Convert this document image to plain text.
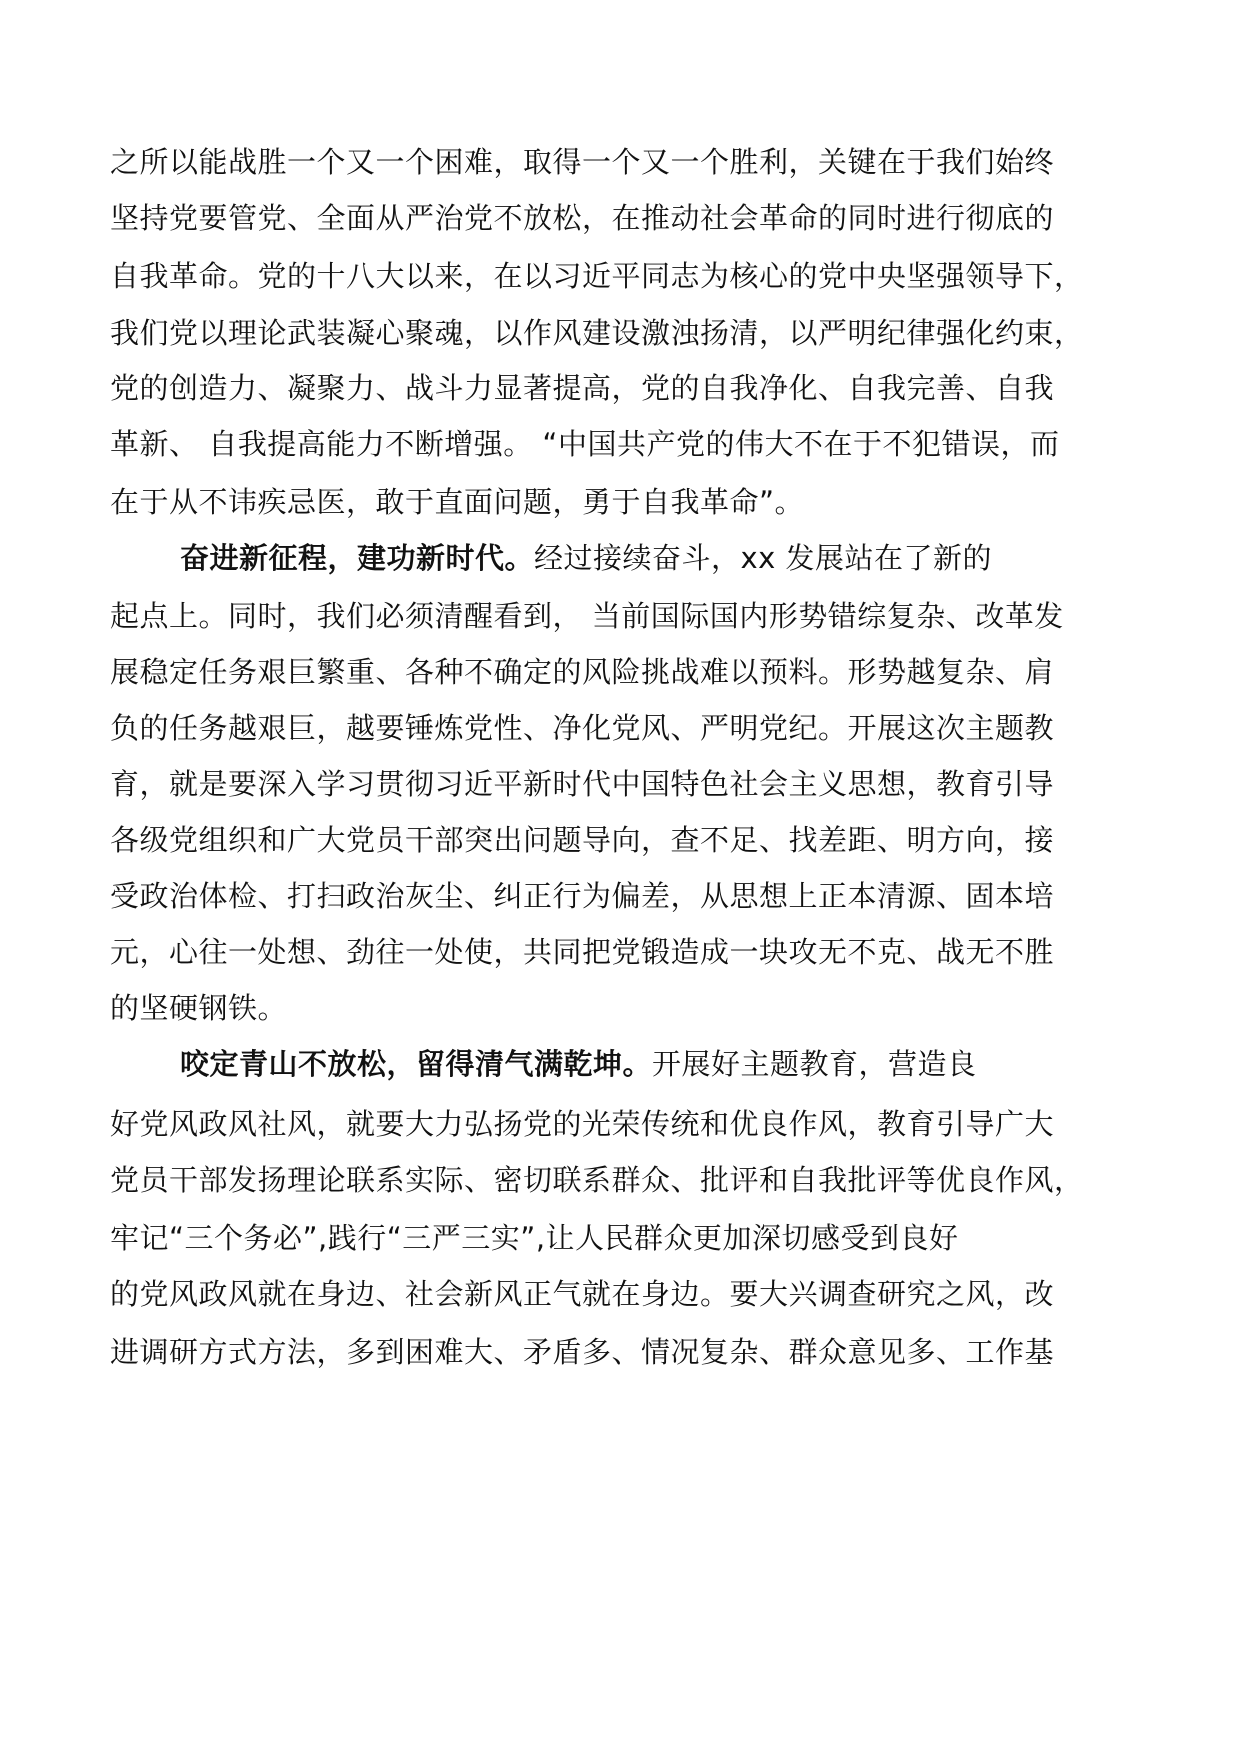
之所以能战胜一个又一个困难，取得一个又一个胜利，关键在于我们始终
坚持党要管党、全面从严治党不放松，在推动社会革命的同时进行彻底的
自我革命。党的十八大以来，在以习近平同志为核心的党中央坚强领导下，
我们党以理论武装凝心聚魂，以作风建设激浊扬清，以严明纪律强化约束，
党的创造力、凝聚力、战斗力显著提高，党的自我净化、自我完善、自我
革新、 自我提高能力不断增强。 “中国共产党的伟大不在于不犯错误，而
在于从不讳疾忌医，敢于直面问题，勇于自我革命”。
奋进新征程，建功新时代。经过接续奋斗，xx 发展站在了新的
起点上。同时，我们必须清醒看到， 当前国际国内形势错综复杂、改革发
展稳定任务艰巨繁重、各种不确定的风险挑战难以预料。形势越复杂、肩
负的任务越艰巨，越要锤炼党性、净化党风、严明党纪。开展这次主题教
育，就是要深入学习贯彻习近平新时代中国特色社会主义思想，教育引导
各级党组织和广大党员干部突出问题导向，查不足、找差距、明方向，接
受政治体检、打扫政治灰尘、纠正行为偏差，从思想上正本清源、固本培
元，心往一处想、劲往一处使，共同把党锻造成一块攻无不克、战无不胜
的坚硬钢铁。
咬定青山不放松，留得清气满乾坤。开展好主题教育，营造良
好党风政风社风，就要大力弘扬党的光荣传统和优良作风，教育引导广大
党员干部发扬理论联系实际、密切联系群众、批评和自我批评等优良作风，
牢记“三个务必”,践行“三严三实”,让人民群众更加深切感受到良好
的党风政风就在身边、社会新风正气就在身边。要大兴调查研究之风，改
进调研方式方法，多到困难大、矛盾多、情况复杂、群众意见多、工作基
